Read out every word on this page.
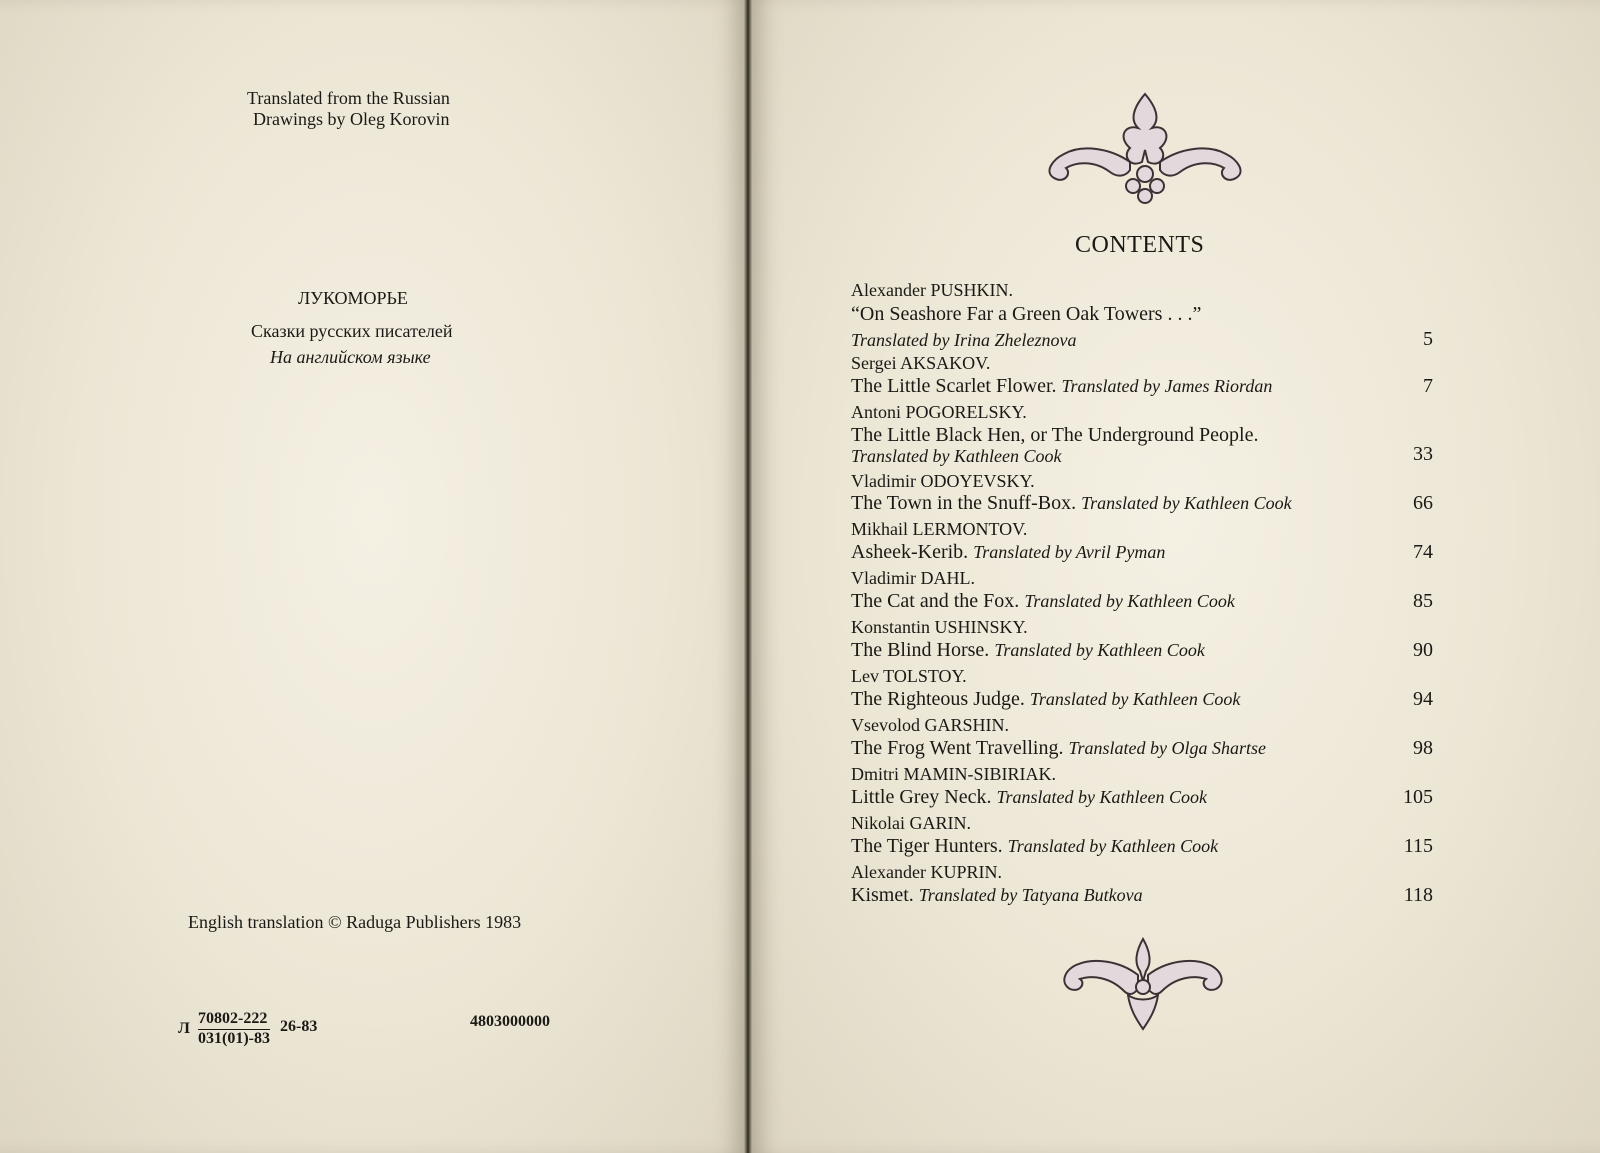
Translated from the Russian
Drawings by Oleg Korovin
ЛУКОМОРЬЕ
Сказки русских писателей
На английском языке
English translation © Raduga Publishers 1983
Л $\frac{70802-222}{031(01)-83} 26-83$	4803000000
CONTENTS
Alexander PUSHKIN.
“On Seashore Far a Green Oak Towers . . .”
Translated by Irina Zheleznova	5
Sergei AKSAKOV.
The Little Scarlet Flower. Translated by James Riordan	7
Antoni POGORELSKY.
The Little Black Hen, or The Underground People.
Translated by Kathleen Cook	33
Vladimir ODOYEVSKY.
The Town in the Snuff-Box. Translated by Kathleen Cook	66
Mikhail LERMONTOV.
Asheek-Kerib. Translated by Avril Pyman	74
Vladimir DAHL.
The Cat and the Fox. Translated by Kathleen Cook	85
Konstantin USHINSKY.
The Blind Horse. Translated by Kathleen Cook	90
Lev TOLSTOY.
The Righteous Judge. Translated by Kathleen Cook	94
Vsevolod GARSHIN.
The Frog Went Travelling. Translated by Olga Shartse	98
Dmitri MAMIN-SIBIRIAK.
Little Grey Neck. Translated by Kathleen Cook	105
Nikolai GARIN.
The Tiger Hunters. Translated by Kathleen Cook	115
Alexander KUPRIN.
Kismet. Translated by Tatyana Butkova	118
